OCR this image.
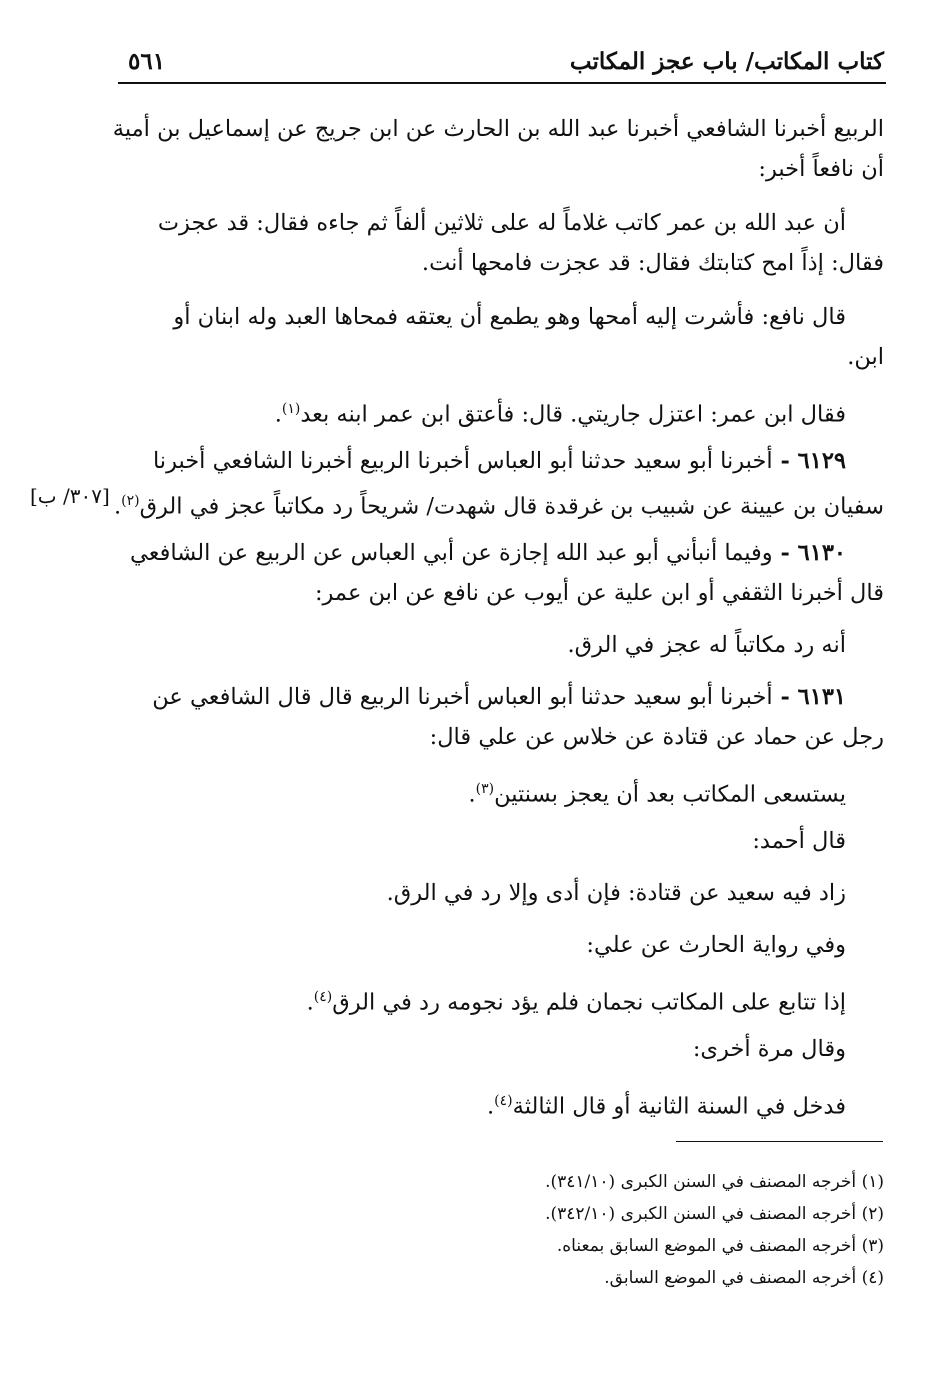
كتاب المكاتب/ باب عجز المكاتب
٥٦١
[٣٠٧/ ب]
الربيع أخبرنا الشافعي أخبرنا عبد الله بن الحارث عن ابن جريج عن إسماعيل بن أمية
أن نافعاً أخبر:
أن عبد الله بن عمر كاتب غلاماً له على ثلاثين ألفاً ثم جاءه فقال: قد عجزت
فقال: إذاً امح كتابتك فقال: قد عجزت فامحها أنت.
قال نافع: فأشرت إليه أمحها وهو يطمع أن يعتقه فمحاها العبد وله ابنان أو
ابن.
فقال ابن عمر: اعتزل جاريتي. قال: فأعتق ابن عمر ابنه بعد$^{(١)}$.
٦١٢٩ - أخبرنا أبو سعيد حدثنا أبو العباس أخبرنا الربيع أخبرنا الشافعي أخبرنا
سفيان بن عيينة عن شبيب بن غرقدة قال شهدت/ شريحاً رد مكاتباً عجز في الرق$^{(٢)}$.
٦١٣٠ - وفيما أنبأني أبو عبد الله إجازة عن أبي العباس عن الربيع عن الشافعي
قال أخبرنا الثقفي أو ابن علية عن أيوب عن نافع عن ابن عمر:
أنه رد مكاتباً له عجز في الرق.
٦١٣١ - أخبرنا أبو سعيد حدثنا أبو العباس أخبرنا الربيع قال قال الشافعي عن
رجل عن حماد عن قتادة عن خلاس عن علي قال:
يستسعى المكاتب بعد أن يعجز بسنتين$^{(٣)}$.
قال أحمد:
زاد فيه سعيد عن قتادة: فإن أدى وإلا رد في الرق.
وفي رواية الحارث عن علي:
إذا تتابع على المكاتب نجمان فلم يؤد نجومه رد في الرق$^{(٤)}$.
وقال مرة أخرى:
فدخل في السنة الثانية أو قال الثالثة$^{(٤)}$.
(١) أخرجه المصنف في السنن الكبرى (٣٤١/١٠).
(٢) أخرجه المصنف في السنن الكبرى (٣٤٢/١٠).
(٣) أخرجه المصنف في الموضع السابق بمعناه.
(٤) أخرجه المصنف في الموضع السابق.
